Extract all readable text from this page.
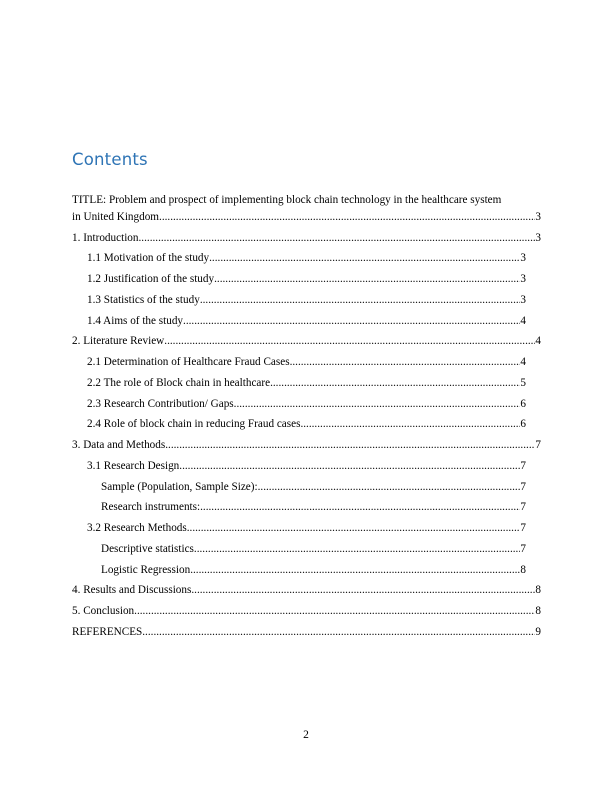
Contents
TITLE: Problem and prospect of implementing block chain technology in the healthcare system
in United Kingdom .....	3
1. Introduction .....	3
1.1 Motivation of the study .....	3
1.2 Justification of the study .....	3
1.3 Statistics of the study .....	3
1.4 Aims of the study .....	4
2. Literature Review .....	4
2.1 Determination of Healthcare Fraud Cases .....	4
2.2 The role of Block chain in healthcare .....	5
2.3 Research Contribution/ Gaps .....	6
2.4 Role of block chain in reducing Fraud cases .....	6
3. Data and Methods .....	7
3.1 Research Design .....	7
Sample (Population, Sample Size): .....	7
Research instruments: .....	7
3.2 Research Methods .....	7
Descriptive statistics .....	7
Logistic Regression .....	8
4. Results and Discussions .....	8
5. Conclusion .....	8
REFERENCES .....	9
2
